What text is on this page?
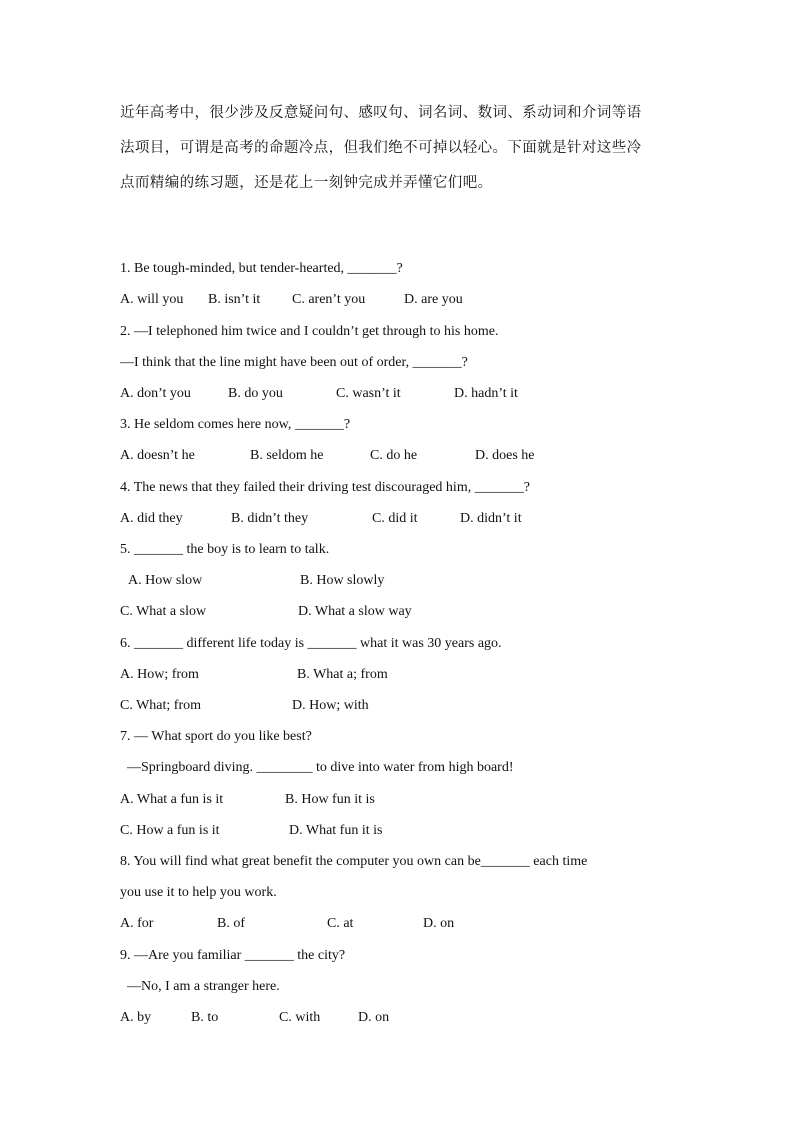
近年高考中，很少涉及反意疑问句、感叹句、词名词、数词、系动词和介词等语
法项目，可谓是高考的命题冷点，但我们绝不可掉以轻心。下面就是针对这些冷
点而精编的练习题，还是花上一刻钟完成并弄懂它们吧。
1. Be tough-minded, but tender-hearted, _______?
A. will you B. isn’t it C. aren’t you	D. are you
2. —I telephoned him twice and I couldn’t get through to his home.
—I think that the line might have been out of order, _______?
A. don’t you	B. do you	C. wasn’t it	D. hadn’t it
3. He seldom comes here now, _______?
A. doesn’t he	B. seldom he	C. do he	D. does he
4. The news that they failed their driving test discouraged him, _______?
A. did they	B. didn’t they	C. did it	D. didn’t it
5. _______ the boy is to learn to talk.
A. How slow	B. How slowly
C. What a slow	D. What a slow way
6. _______ different life today is _______ what it was 30 years ago.
A. How; from	B. What a; from
C. What; from	D. How; with
7. — What sport do you like best?
—Springboard diving. ________ to dive into water from high board!
A. What a fun is it	B. How fun it is
C. How a fun is it	D. What fun it is
8. You will find what great benefit the computer you own can be_______ each time
you use it to help you work.
A. for	B. of	C. at	D. on
9. —Are you familiar _______ the city?
—No, I am a stranger here.
A. by	B. to	C. with	D. on
